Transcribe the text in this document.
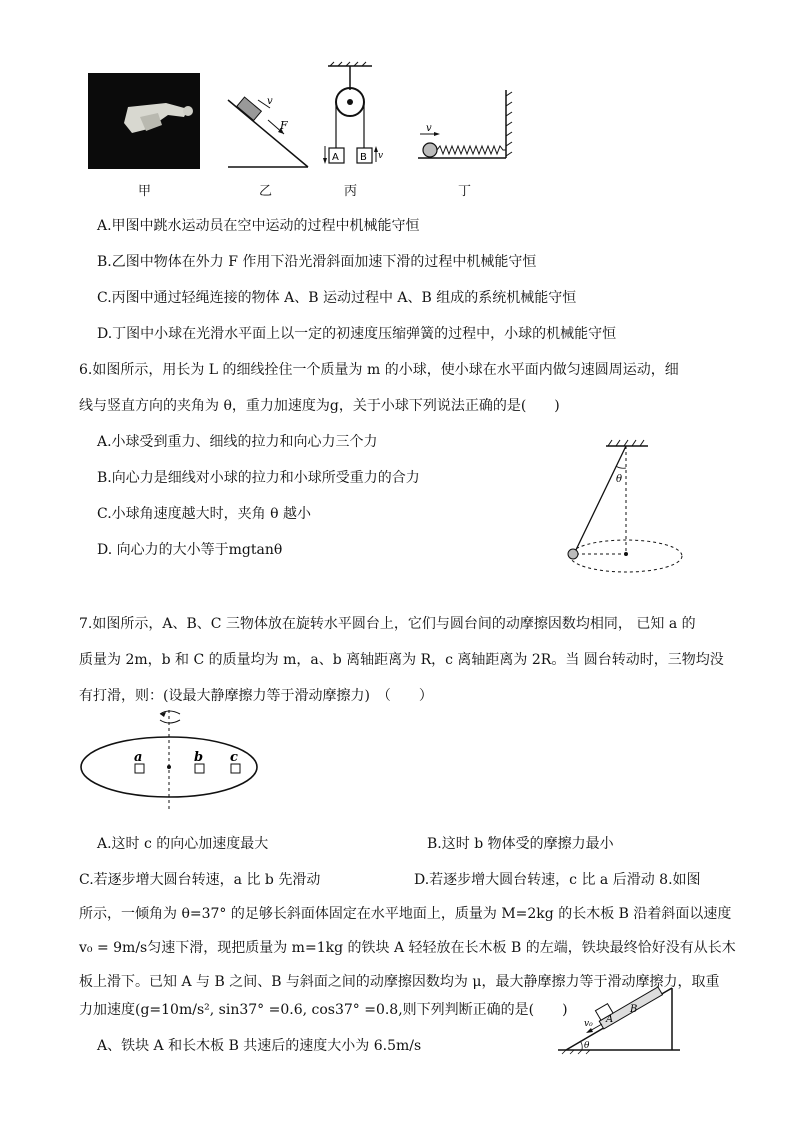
v
F
A B v
v
甲	乙	丙	丁
A.甲图中跳水运动员在空中运动的过程中机械能守恒
B.乙图中物体在外力 F 作用下沿光滑斜面加速下滑的过程中机械能守恒
C.丙图中通过轻绳连接的物体 A、B 运动过程中 A、B 组成的系统机械能守恒
D.丁图中小球在光滑水平面上以一定的初速度压缩弹簧的过程中，小球的机械能守恒
6.如图所示，用长为 L 的细线拴住一个质量为 m 的小球，使小球在水平面内做匀速圆周运动，细
线与竖直方向的夹角为 θ，重力加速度为g，关于小球下列说法正确的是(　　)
A.小球受到重力、细线的拉力和向心力三个力
B.向心力是细线对小球的拉力和小球所受重力的合力
C.小球角速度越大时，夹角 θ 越小
D. 向心力的大小等于mgtanθ
θ
7.如图所示，A、B、C 三物体放在旋转水平圆台上，它们与圆台间的动摩擦因数均相同， 已知 a 的
质量为 2m，b 和 C 的质量均为 m，a、b 离轴距离为 R，c 离轴距离为 2R。当 圆台转动时，三物均没
有打滑，则：(设最大静摩擦力等于滑动摩擦力)　（　　）
a	b c
A.这时 c 的向心加速度最大	B.这时 b 物体受的摩擦力最小
C.若逐步增大圆台转速，a 比 b 先滑动	D.若逐步增大圆台转速，c 比 a 后滑动 8.如图
所示，一倾角为 θ=37° 的足够长斜面体固定在水平地面上，质量为 M=2kg 的长木板 B 沿着斜面以速度
v₀ = 9m/s匀速下滑，现把质量为 m=1kg 的铁块 A 轻轻放在长木板 B 的左端，铁块最终恰好没有从长木
板上滑下。已知 A 与 B 之间、B 与斜面之间的动摩擦因数均为 μ，最大静摩擦力等于滑动摩擦力，取重
力加速度(g=10m/s², sin37° =0.6, cos37° =0.8,则下列判断正确的是(　　)
A、铁块 A 和长木板 B 共速后的速度大小为 6.5m/s
A
B
v₀
θ
